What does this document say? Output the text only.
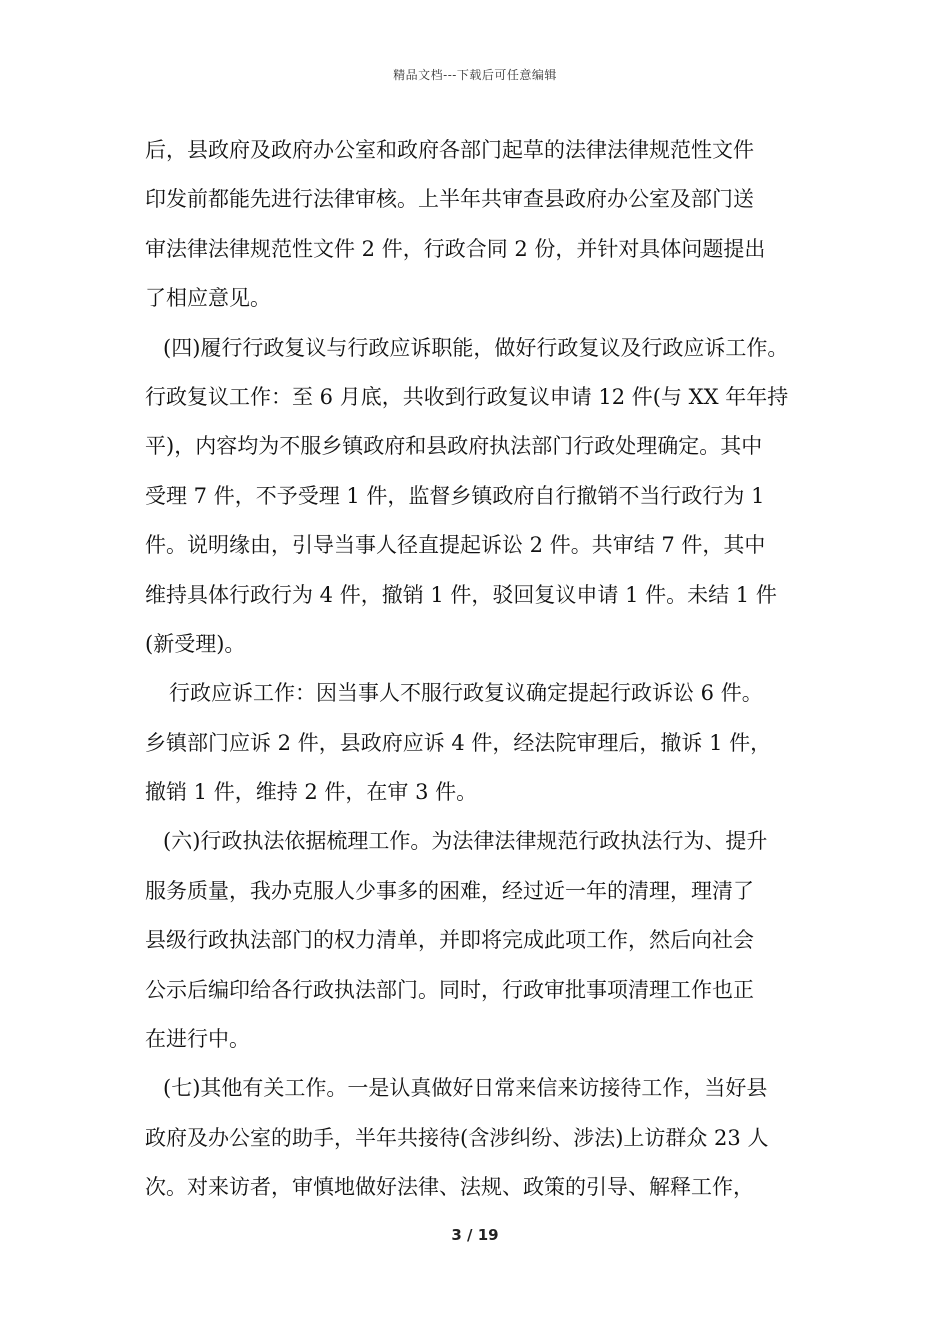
精品文档---下载后可任意编辑
后，县政府及政府办公室和政府各部门起草的法律法律规范性文件
印发前都能先进行法律审核。上半年共审查县政府办公室及部门送
审法律法律规范性文件 2 件，行政合同 2 份，并针对具体问题提出
了相应意见。
(四)履行行政复议与行政应诉职能，做好行政复议及行政应诉工作。
行政复议工作：至 6 月底，共收到行政复议申请 12 件(与 XX 年年持
平)，内容均为不服乡镇政府和县政府执法部门行政处理确定。其中
受理 7 件，不予受理 1 件，监督乡镇政府自行撤销不当行政行为 1
件。说明缘由，引导当事人径直提起诉讼 2 件。共审结 7 件，其中
维持具体行政行为 4 件，撤销 1 件，驳回复议申请 1 件。未结 1 件
(新受理)。
行政应诉工作：因当事人不服行政复议确定提起行政诉讼 6 件。
乡镇部门应诉 2 件，县政府应诉 4 件，经法院审理后，撤诉 1 件，
撤销 1 件，维持 2 件，在审 3 件。
(六)行政执法依据梳理工作。为法律法律规范行政执法行为、提升
服务质量，我办克服人少事多的困难，经过近一年的清理，理清了
县级行政执法部门的权力清单，并即将完成此项工作，然后向社会
公示后编印给各行政执法部门。同时，行政审批事项清理工作也正
在进行中。
(七)其他有关工作。一是认真做好日常来信来访接待工作，当好县
政府及办公室的助手，半年共接待(含涉纠纷、涉法)上访群众 23 人
次。对来访者，审慎地做好法律、法规、政策的引导、解释工作，
3 / 19
